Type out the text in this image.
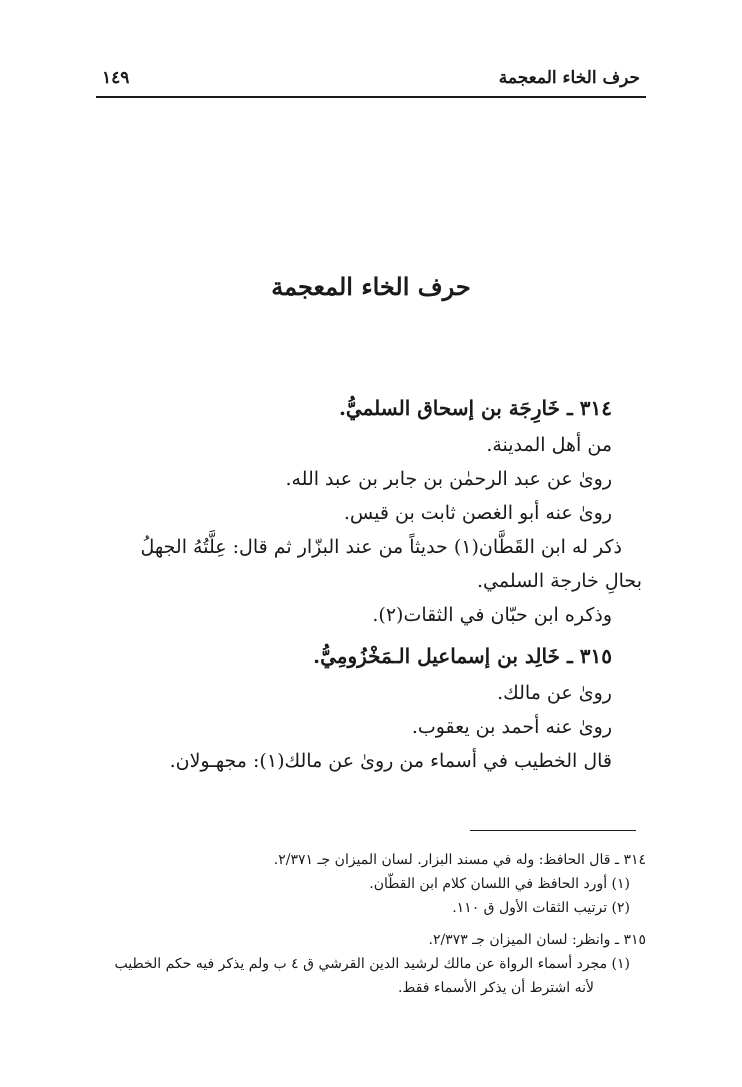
حرف الخاء المعجمة
١٤٩
حرف الخاء المعجمة
٣١٤ ـ خَارِجَة بن إسحاق السلميُّ.
من أهل المدينة.
روىٰ عن عبد الرحمٰن بن جابر بن عبد الله.
روىٰ عنه أبو الغصن ثابت بن قيس.
ذكر له ابن القَطَّان(١) حديثاً من عند البزّار ثم قال: عِلَّتُهُ الجهلُ
بحالِ خارجة السلمي.
وذكره ابن حبّان في الثقات(٢).
٣١٥ ـ خَالِد بن إسماعيل الـمَخْزُومِيُّ.
روىٰ عن مالك.
روىٰ عنه أحمد بن يعقوب.
قال الخطيب في أسماء من روىٰ عن مالك(١): مجهـولان.
٣١٤ ـ قال الحافظ: وله في مسند البزار. لسان الميزان جـ ٢/٣٧١.
(١) أورد الحافظ في اللسان كلام ابن القطّان.
(٢) ترتيب الثقات الأول ق ١١٠.
٣١٥ ـ وانظر: لسان الميزان جـ ٢/٣٧٣.
(١) مجرد أسماء الرواة عن مالك لرشيد الدين القرشي ق ٤ ب ولم يذكر فيه حكم الخطيب
لأنه اشترط أن يذكر الأسماء فقط.
